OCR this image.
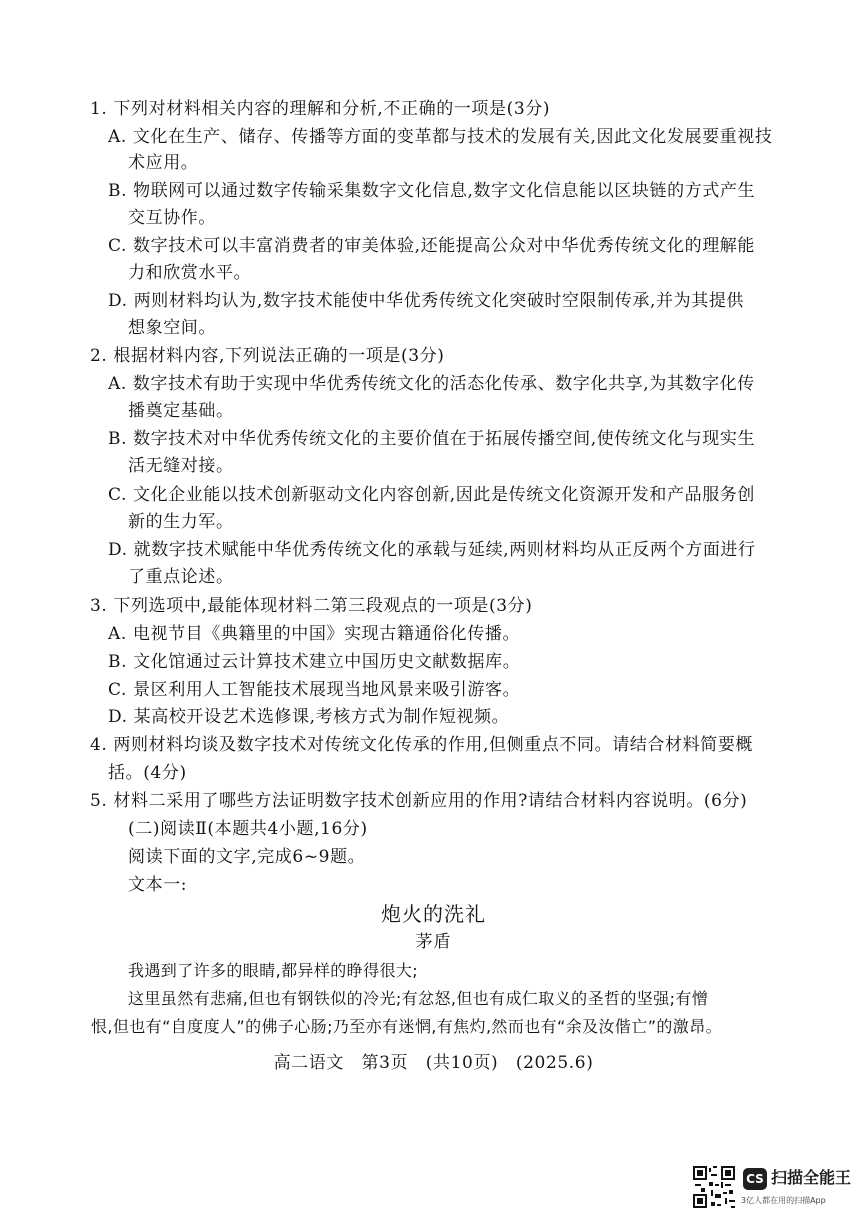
1. 下列对材料相关内容的理解和分析,不正确的一项是(3分)
A. 文化在生产、储存、传播等方面的变革都与技术的发展有关,因此文化发展要重视技
术应用。
B. 物联网可以通过数字传输采集数字文化信息,数字文化信息能以区块链的方式产生
交互协作。
C. 数字技术可以丰富消费者的审美体验,还能提高公众对中华优秀传统文化的理解能
力和欣赏水平。
D. 两则材料均认为,数字技术能使中华优秀传统文化突破时空限制传承,并为其提供
想象空间。
2. 根据材料内容,下列说法正确的一项是(3分)
A. 数字技术有助于实现中华优秀传统文化的活态化传承、数字化共享,为其数字化传
播奠定基础。
B. 数字技术对中华优秀传统文化的主要价值在于拓展传播空间,使传统文化与现实生
活无缝对接。
C. 文化企业能以技术创新驱动文化内容创新,因此是传统文化资源开发和产品服务创
新的生力军。
D. 就数字技术赋能中华优秀传统文化的承载与延续,两则材料均从正反两个方面进行
了重点论述。
3. 下列选项中,最能体现材料二第三段观点的一项是(3分)
A. 电视节目《典籍里的中国》实现古籍通俗化传播。
B. 文化馆通过云计算技术建立中国历史文献数据库。
C. 景区利用人工智能技术展现当地风景来吸引游客。
D. 某高校开设艺术选修课,考核方式为制作短视频。
4. 两则材料均谈及数字技术对传统文化传承的作用,但侧重点不同。请结合材料简要概
括。(4分)
5. 材料二采用了哪些方法证明数字技术创新应用的作用?请结合材料内容说明。(6分)
(二)阅读Ⅱ(本题共4小题,16分)
阅读下面的文字,完成6~9题。
文本一:
炮火的洗礼
茅盾
我遇到了许多的眼睛,都异样的睁得很大;
这里虽然有悲痛,但也有钢铁似的冷光;有忿怒,但也有成仁取义的圣哲的坚强;有憎
恨,但也有“自度度人”的佛子心肠;乃至亦有迷惘,有焦灼,然而也有“余及汝偕亡”的激昂。
高二语文　第3页　(共10页)　(2025.6)
CS 扫描全能王
3亿人都在用的扫描App
